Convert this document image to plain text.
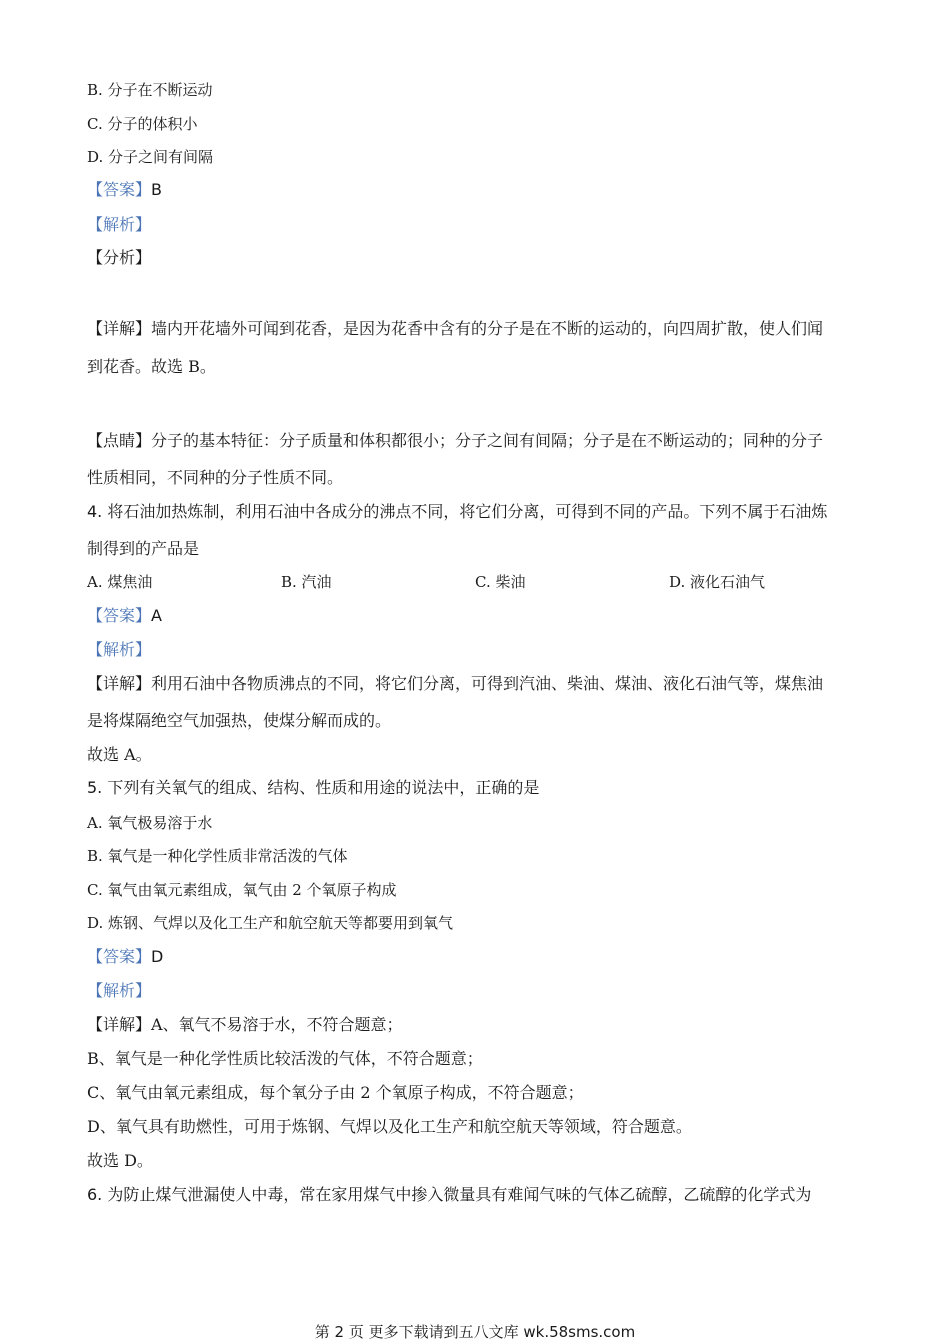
B. 分子在不断运动
C. 分子的体积小
D. 分子之间有间隔
【答案】B
【解析】
【分析】
【详解】墙内开花墙外可闻到花香，是因为花香中含有的分子是在不断的运动的，向四周扩散，使人们闻
到花香。故选 B。
【点睛】分子的基本特征：分子质量和体积都很小；分子之间有间隔；分子是在不断运动的；同种的分子
性质相同，不同种的分子性质不同。
4. 将石油加热炼制，利用石油中各成分的沸点不同，将它们分离，可得到不同的产品。下列不属于石油炼
制得到的产品是
A. 煤焦油	B. 汽油	C. 柴油	D. 液化石油气
【答案】A
【解析】
【详解】利用石油中各物质沸点的不同，将它们分离，可得到汽油、柴油、煤油、液化石油气等，煤焦油
是将煤隔绝空气加强热，使煤分解而成的。
故选 A。
5. 下列有关氧气的组成、结构、性质和用途的说法中，正确的是
A. 氧气极易溶于水
B. 氧气是一种化学性质非常活泼的气体
C. 氧气由氧元素组成，氧气由 2 个氧原子构成
D. 炼钢、气焊以及化工生产和航空航天等都要用到氧气
【答案】D
【解析】
【详解】A、氧气不易溶于水，不符合题意；
B、氧气是一种化学性质比较活泼的气体，不符合题意；
C、氧气由氧元素组成，每个氧分子由 2 个氧原子构成，不符合题意；
D、氧气具有助燃性，可用于炼钢、气焊以及化工生产和航空航天等领域，符合题意。
故选 D。
6. 为防止煤气泄漏使人中毒，常在家用煤气中掺入微量具有难闻气味的气体乙硫醇，乙硫醇的化学式为
第 2 页 更多下载请到五八文库 wk.58sms.com
